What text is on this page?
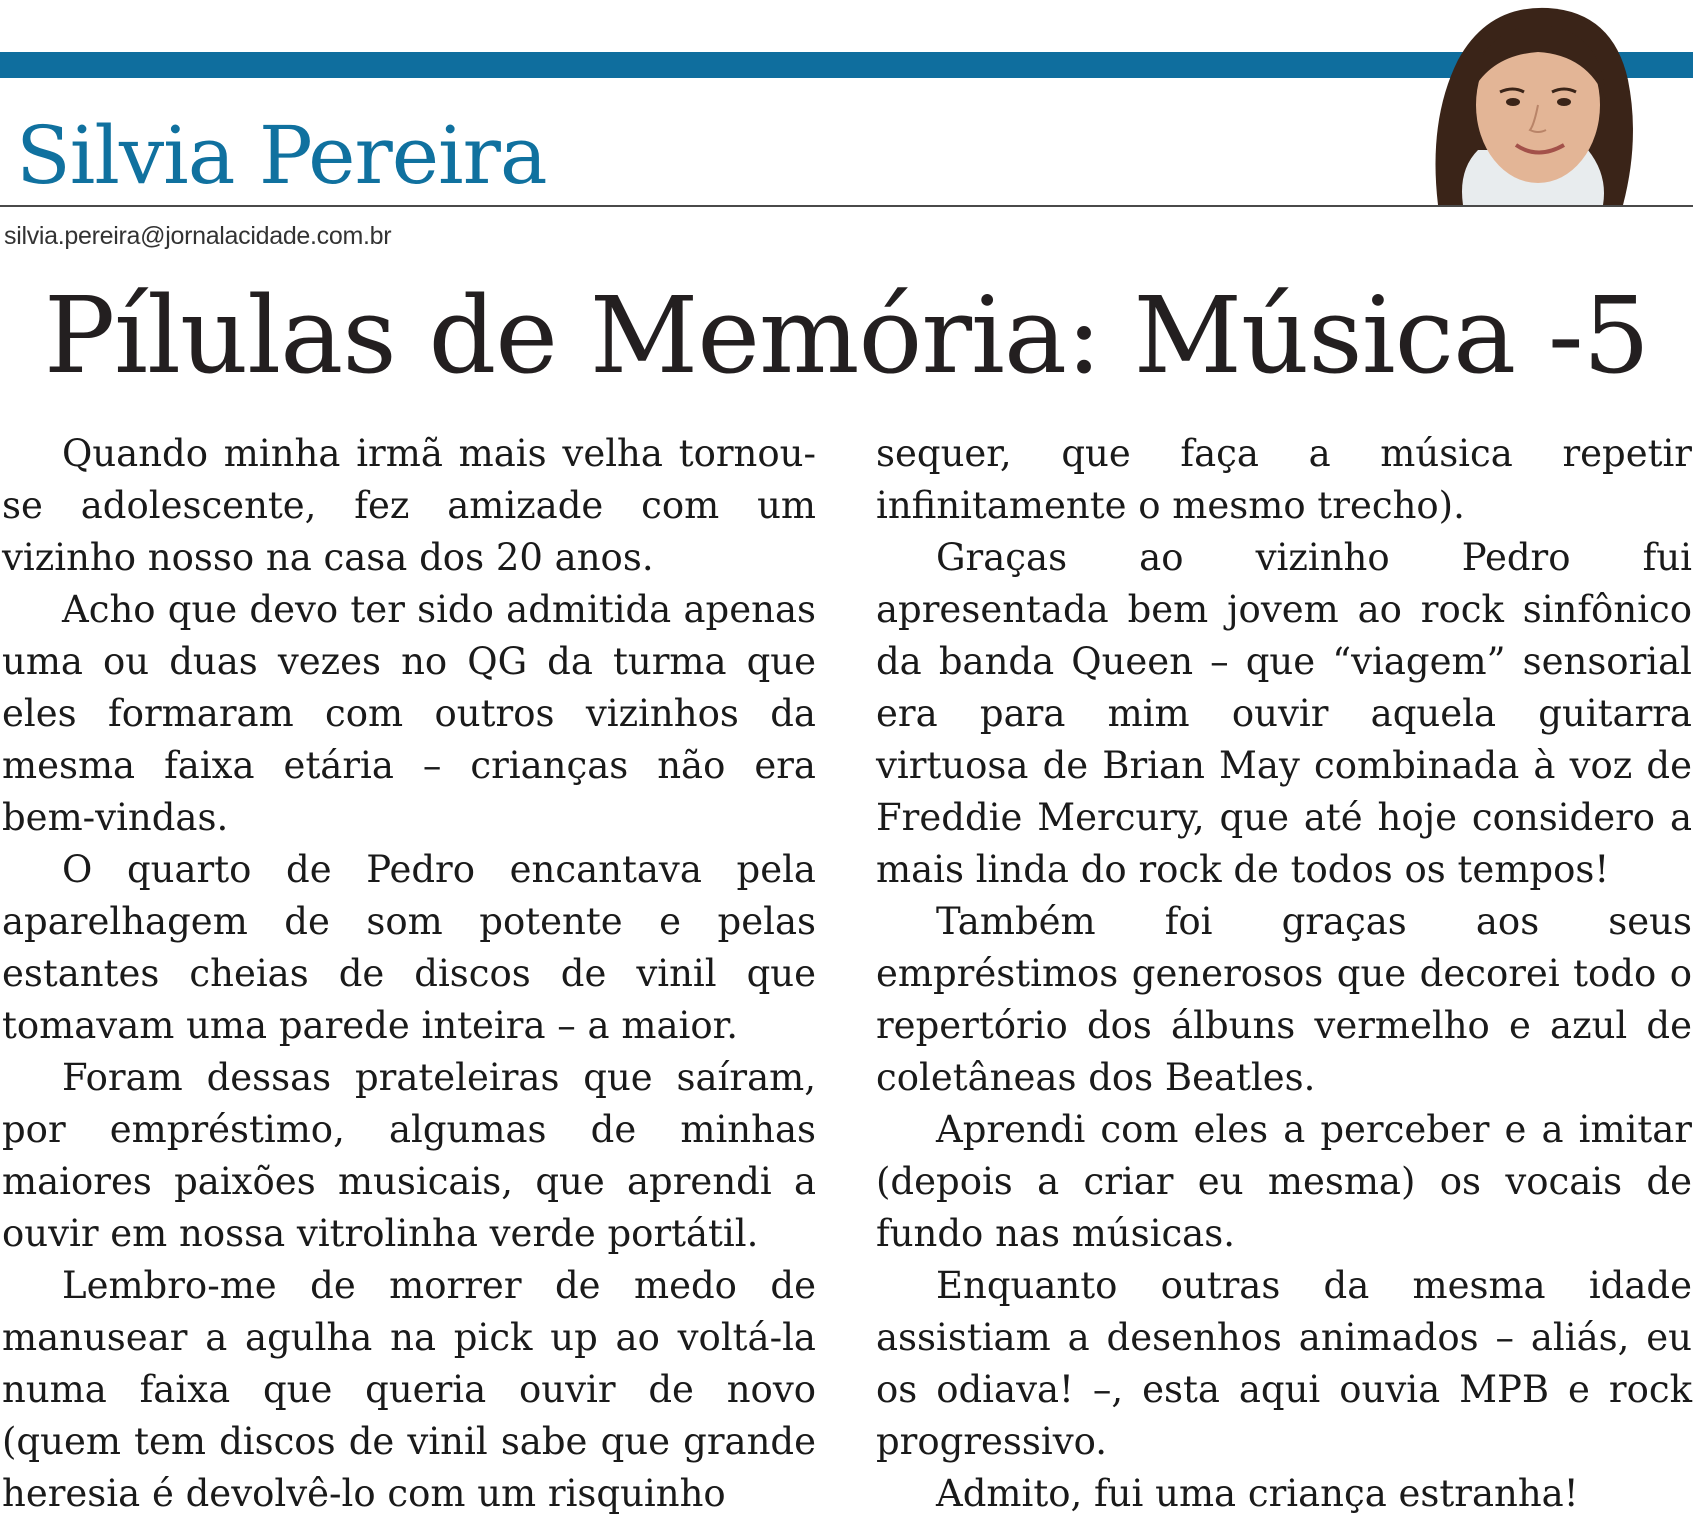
Silvia Pereira
silvia.pereira@jornalacidade.com.br
Pílulas de Memória: Música -5

Quando minha irmã mais velha tornou-se adolescente, fez amizade com um vizinho nosso na casa dos 20 anos.

Acho que devo ter sido admitida apenas uma ou duas vezes no QG da turma que eles formaram com outros vizinhos da mesma faixa etária – crianças não era bem-vindas.

O quarto de Pedro encantava pela aparelhagem de som potente e pelas estantes cheias de discos de vinil que tomavam uma parede inteira – a maior.

Foram dessas prateleiras que saíram, por empréstimo, algumas de minhas maiores paixões musicais, que aprendi a ouvir em nossa vitrolinha verde portátil.

Lembro-me de morrer de medo de manusear a agulha na pick up ao voltá-la numa faixa que queria ouvir de novo (quem tem discos de vinil sabe que grande heresia é devolvê-lo com um risquinho

sequer, que faça a música repetir infinitamente o mesmo trecho).

Graças ao vizinho Pedro fui apresentada bem jovem ao rock sinfônico da banda Queen – que “viagem” sensorial era para mim ouvir aquela guitarra virtuosa de Brian May combinada à voz de Freddie Mercury, que até hoje considero a mais linda do rock de todos os tempos!

Também foi graças aos seus empréstimos generosos que decorei todo o repertório dos álbuns vermelho e azul de coletâneas dos Beatles.

Aprendi com eles a perceber e a imitar (depois a criar eu mesma) os vocais de fundo nas músicas.

Enquanto outras da mesma idade assistiam a desenhos animados – aliás, eu os odiava! –, esta aqui ouvia MPB e rock progressivo.

Admito, fui uma criança estranha!
